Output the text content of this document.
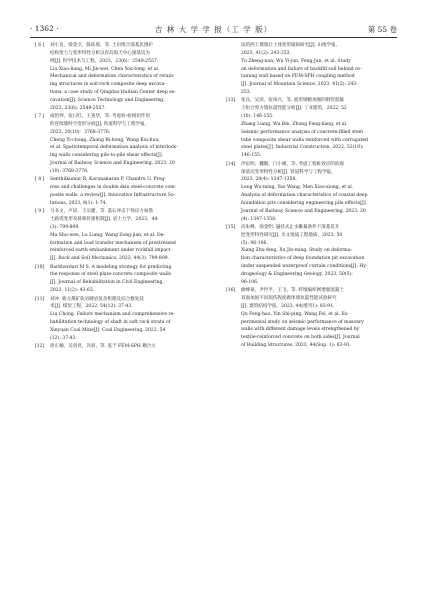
· 1362 ·	吉 林 大 学 学 报（工 学 版）	第 55 卷
[ 6 ] 刘小良，梁金卫，陈佑康，等. 土岩组合深基坑围护

结构变力与变形特性分析以青岛海天中心深基坑为

例[J]. 科学技术与工程，2023，23(6)：2549-2557.

Liu Xiao-liang, Mi Jin-wei, Chen You-tong, et al.

Mechanical and deformation characteristics of retain-

ing structures in soil-rock composite deep excava-

tions: a case study of Qingdao Haitian Center deep ex-

cavation[J]. Science Technology and Engineering,

2023, 23(6): 2549-2557.

[ 7 ] 成怡坤，张日红，王查华，等. 考虑桩-桩相切作用

的连续墙时空变形分析[J]. 铁道科学与工程学报，

2023, 20(10)：3768-3778.

Cheng Yi-chong, Zhang Ri-hong, Wang Kui-hua,

et al. Spatiotemporal deformation analysis of interlock-

ing walls considering pile-to-pile shear effects[J].

Journal of Railway Science and Engineering, 2023, 20

(10): 3768-3778.

[ 8 ] Senthilkumar R, Karunakaran P, Chandru U. Prog-

ress and challenges in double skin steel-concrete com-

posite walls: a review[J]. Innovative Infrastructure So-

lutions, 2023, 8(1): 1-74.

[ 9 ] 马书文，卢谅，王宗建，等. 落石冲击下预应力加筋

土路堤变形及荷载传递机制[J]. 岩土力学，2023，44

(3): 799-809.

Ma Shu-wen, Lu Liang, Wang Zong-jian, et al. De-

formation and load transfer mechanism of prestressed

reinforced earth embankment under rockfall impact

[J]. Rock and Soil Mechanics, 2023, 44(3): 799-809.

[10] Barkhordari M S. A modeling strategy for predicting

the response of steel plate-concrete composite walls

[J]. Journal of Rehabilitation in Civil Engineering,

2023, 11(2): 43-63.

[11] 刘冲. 新元煤矿软岩硬岩复杂机理及综合修复技

术[J]. 煤炭工程，2022, 54(12): 37-43.

Liu Chong. Failure mechanism and comprehensive re-

habilitation technology of shaft in soft rock strata of

Xinyuan Coal Mine[J]. Coal Engineering, 2022, 54

(12): 37-43.

[12] 涂正楠，吴羽君，冯羽，等. 基于 FEM-SPH 耦合方

法的西土墙墙后土体变形破损研究[J]. 山地学报，

2023, 41(2): 243-253.

Tu Zheng-nan, Wu Yi-jun, Feng Jun, et al. Study

on deformation and failure of backfill soil behind re-

taining wall based on FEM-SPH coupling method

[J]. Journal of Mountain Science, 2023, 41(2): 243-

253.

[13] 张良，吴滨，张凤兴，等. 波形钢板加强的钢管混凝

土组合剪力墙抗震性能分析[J]. 工业建筑，2022, 52

(10): 146-155.

Zhang Liang, Wu Bin, Zhang Feng-liang, et al.

Seismic performance analysis of concrete-filled steel

tube composite shear walls reinforced with corrugated

steel plates[J]. Industrial Construction, 2022, 52(10):

146-155.

[14] 冷伍明，魏徽，门小雄，等. 考虑工程桩效应的滨海

深基坑变形特性分析[J]. 铁道科学与工程学报，

2023, 20(4): 1347-1358.

Leng Wu-ming, Yao Wang, Men Xiao-xiong, et al.

Analysis of deformation characteristics of coastal deep

foundation pits considering engineering pile effects[J].

Journal of Railway Science and Engineering, 2023, 20

(4): 1347-1358.

[15] 向朱峰，徐金明. 悬挂式止水帷幕条件下深基坑开

挖变形特性研究[J]. 水文地质工程地质，2023, 50

(5): 96-106.

Xiang Zhu-feng, Xu Jin-ming. Study on deforma-

tion characteristics of deep foundation pit excavation

under suspended waterproof curtain conditions[J]. Hy-

drogeology & Engineering Geology, 2023, 50(5):

96-106.

[16] 曲峰豪，尹世平，王飞，等. 纤维编织网增强混凝土

双面加固不同损伤程度砌体墙抗震性能试验研究

[J]. 建筑结构学报，2023, 44(增刊1): 83-91.

Qu Feng-hao, Yin Shi-ping, Wang Fei, et al. Ex-

perimental study on seismic performance of masonry

walls with different damage levels strengthened by

textile-reinforced concrete on both sides[J]. Journal

of Building Structures, 2023, 44(Sup. 1): 83-91.
